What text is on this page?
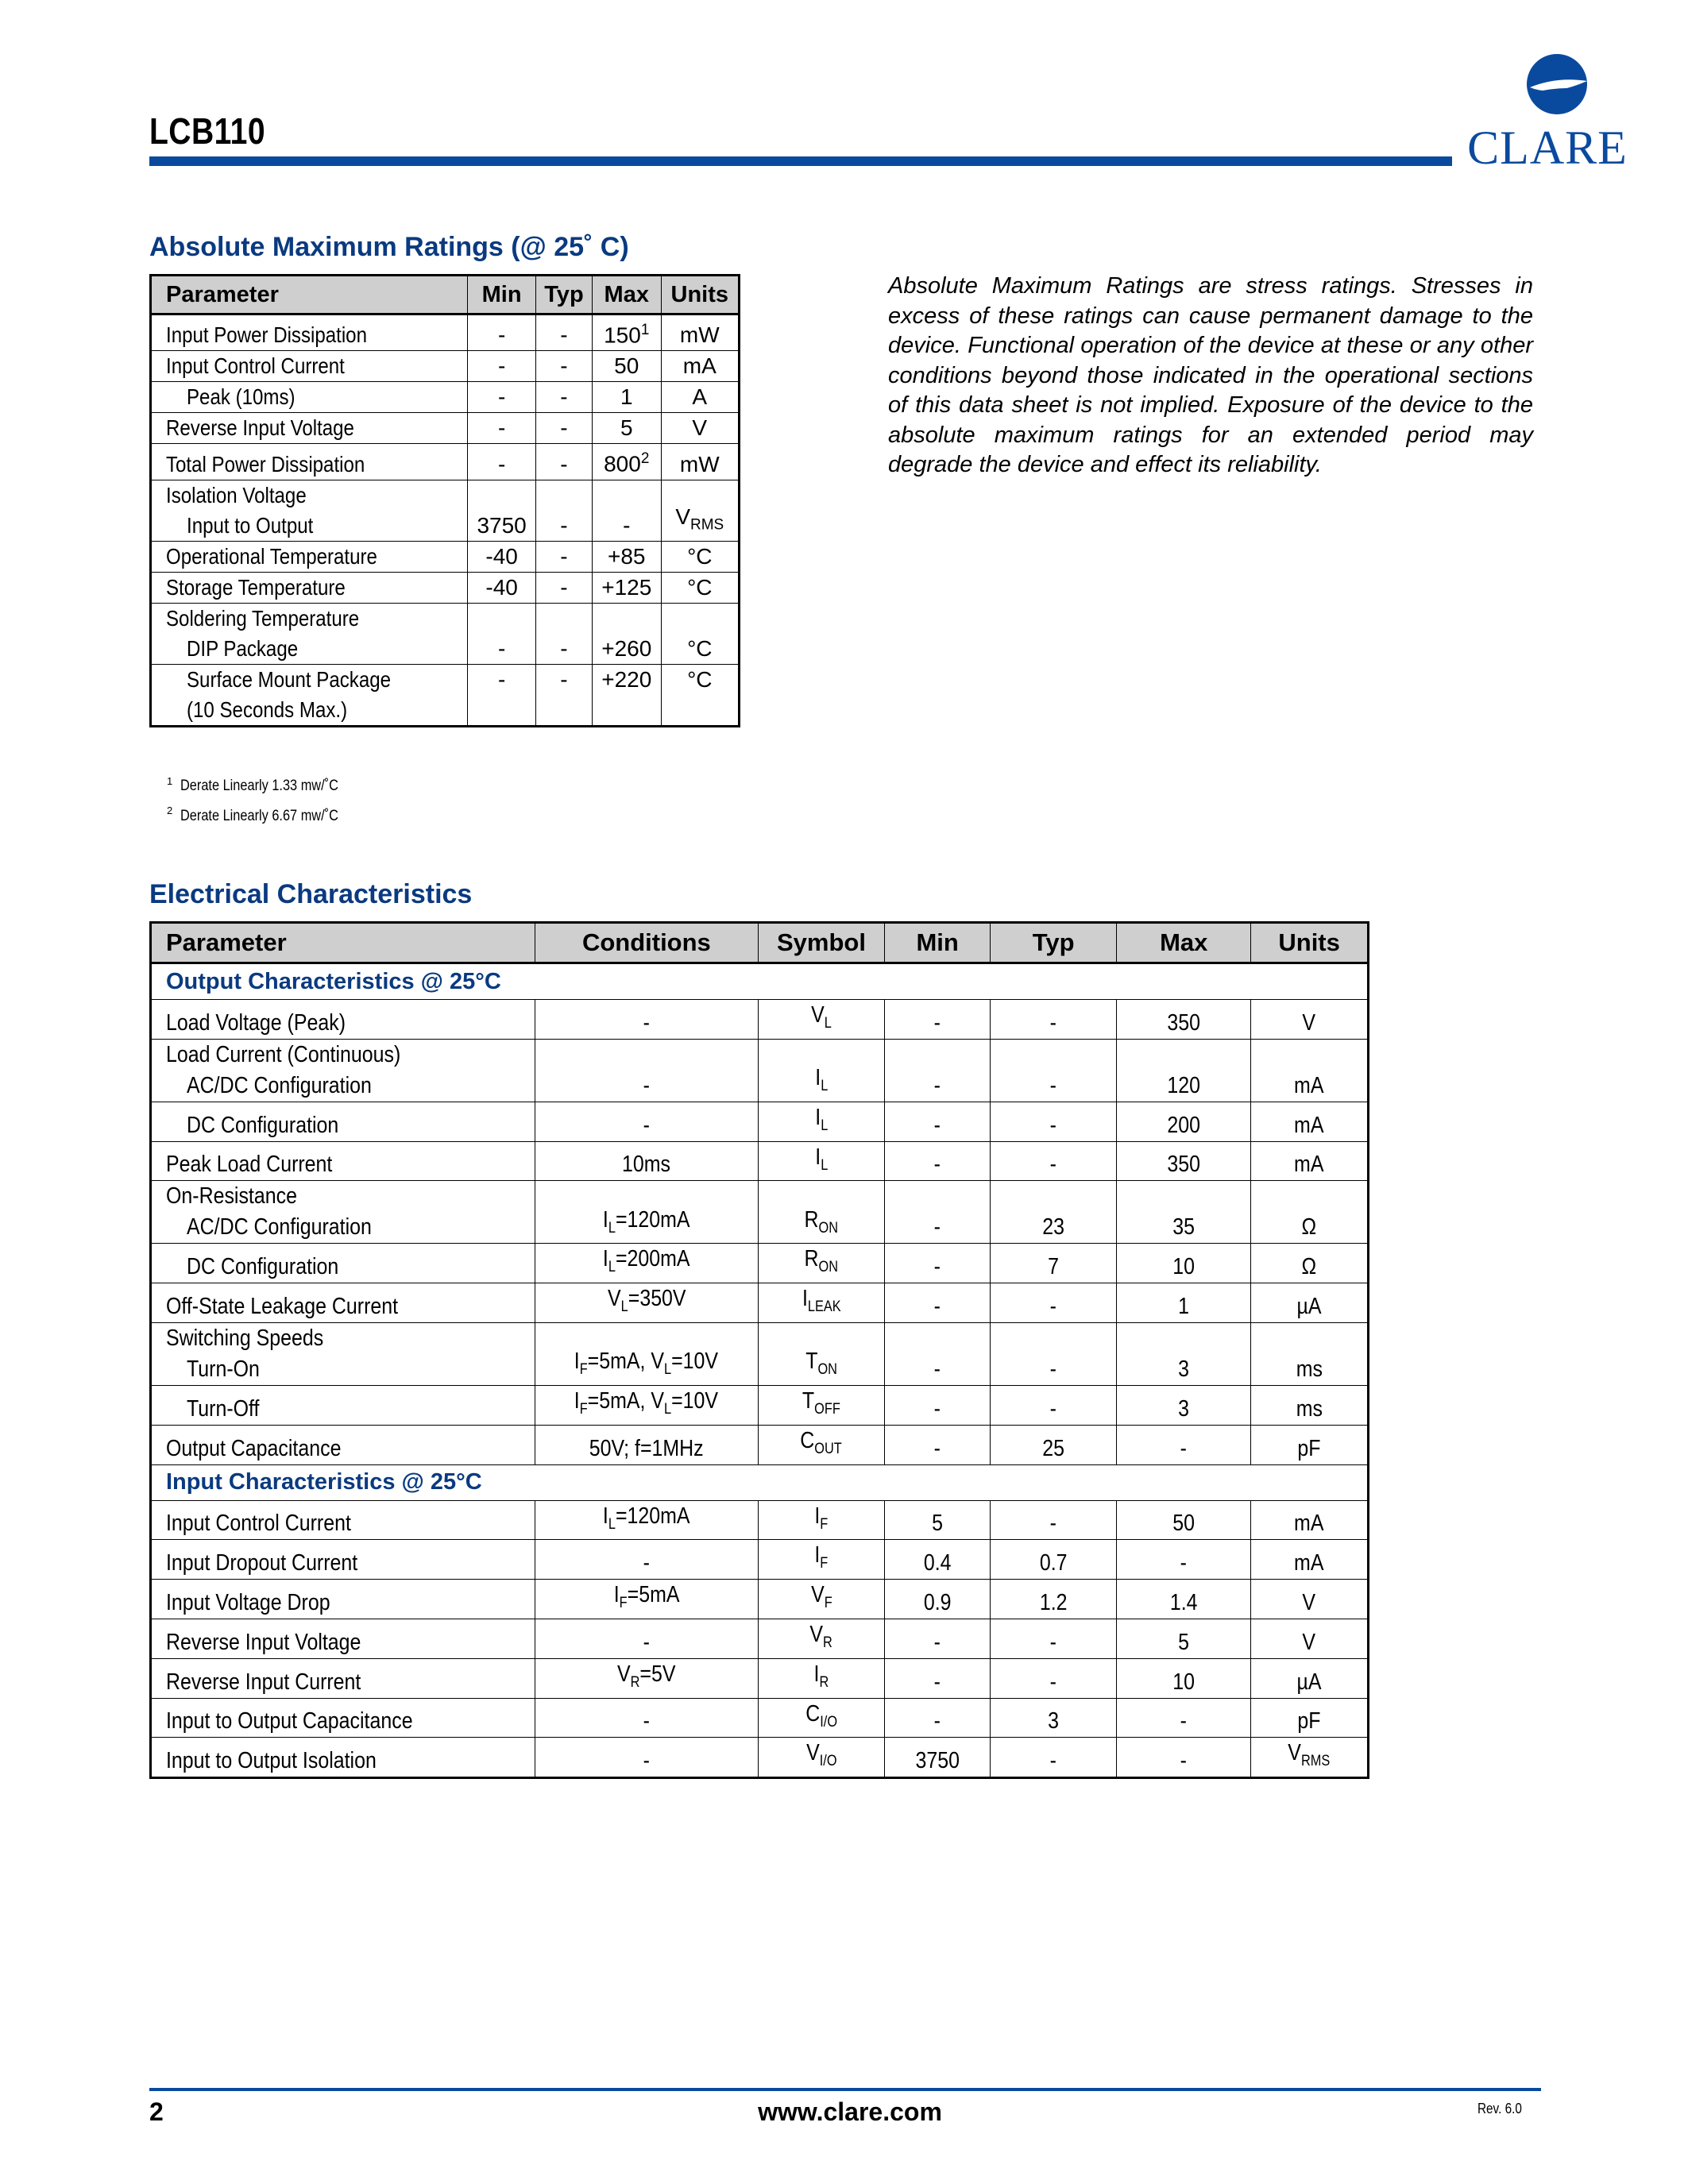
LCB110	CLARE
Absolute Maximum Ratings (@ 25˚ C)
Parameter	Min	Typ	Max	Units

Input Power Dissipation	-	-	$150^1$	mW

Input Control Current	-	-	50	mA

Peak (10ms)	-	-	1	A

Reverse Input Voltage	-	-	5	V

Total Power Dissipation	-	-	$800^2$	mW

Isolation Voltage
Input to Output	3750	-	-	$V_{RMS}$

Operational Temperature	-40	-	+85	°C

Storage Temperature	-40	-	+125	°C

Soldering Temperature
DIP Package	-	-	+260	°C

Surface Mount Package
(10 Seconds Max.)	-	-	+220	°C
$^1$ Derate Linearly 1.33 mw/˚C
$^2$ Derate Linearly 6.67 mw/˚C
Absolute Maximum Ratings are stress ratings. Stresses in excess of these ratings can cause permanent damage to the device. Functional operation of the device at these or any other conditions beyond those indicated in the operational sections of this data sheet is not implied. Exposure of the device to the absolute maximum ratings for an extended period may degrade the device and effect its reliability.
Electrical Characteristics
Parameter	Conditions	Symbol	Min	Typ	Max	Units
Output Characteristics @ 25°C						

Load Voltage (Peak)	-	$V_L$	-	-	350	V

Load Current (Continuous)
AC/DC Configuration	-	$I_L$	-	-	120	mA

DC Configuration	-	$I_L$	-	-	200	mA

Peak Load Current	10ms	$I_L$	-	-	350	mA

On-Resistance
AC/DC Configuration	$I_L=120mA$	$R_{ON}$	-	23	35	Ω

DC Configuration	$I_L=200mA$	$R_{ON}$	-	7	10	Ω

Off-State Leakage Current	$V_L=350V$	$I_{LEAK}$	-	-	1	µA

Switching Speeds
Turn-On	$I_F=5mA$, $V_L=10V$	$T_{ON}$	-	-	3	ms

Turn-Off	$I_F=5mA$, $V_L=10V$	$T_{OFF}$	-	-	3	ms

Output Capacitance	50V; f=1MHz	$C_{OUT}$	-	25	-	pF
Input Characteristics @ 25°C						

Input Control Current	$I_L=120mA$	$I_F$	5	-	50	mA

Input Dropout Current	-	$I_F$	0.4	0.7	-	mA

Input Voltage Drop	$I_F=5mA$	$V_F$	0.9	1.2	1.4	V

Reverse Input Voltage	-	$V_R$	-	-	5	V

Reverse Input Current	$V_R=5V$	$I_R$	-	-	10	µA

Input to Output Capacitance	-	$C_{I/O}$	-	3	-	pF

Input to Output Isolation	-	$V_{I/O}$	3750	-	-	$V_{RMS}$
2	www.clare.com	Rev. 6.0
